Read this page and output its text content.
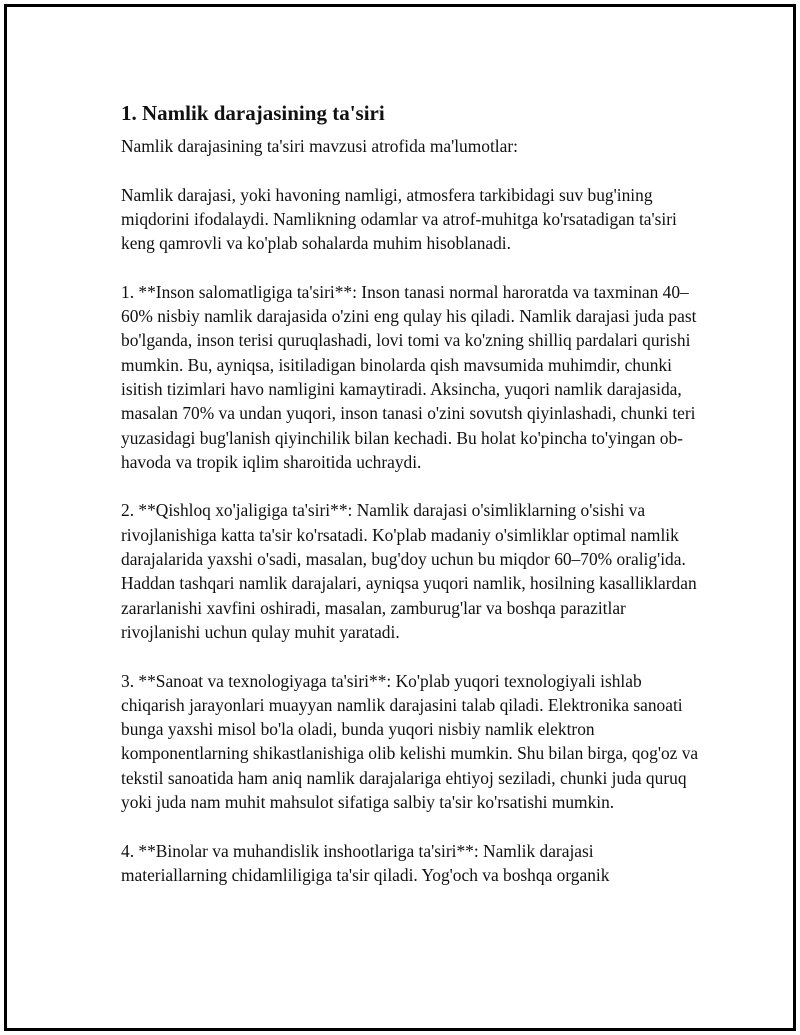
1. Namlik darajasining ta'siri

Namlik darajasining ta'siri mavzusi atrofida ma'lumotlar:

Namlik darajasi, yoki havoning namligi, atmosfera tarkibidagi suv bug'ining miqdorini ifodalaydi. Namlikning odamlar va atrof-muhitga ko'rsatadigan ta'siri keng qamrovli va ko'plab sohalarda muhim hisoblanadi.

1. **Inson salomatligiga ta'siri**: Inson tanasi normal haroratda va taxminan 40–60% nisbiy namlik darajasida o'zini eng qulay his qiladi. Namlik darajasi juda past bo'lganda, inson terisi quruqlashadi, lovi tomi va ko'zning shilliq pardalari qurishi mumkin. Bu, ayniqsa, isitiladigan binolarda qish mavsumida muhimdir, chunki isitish tizimlari havo namligini kamaytiradi. Aksincha, yuqori namlik darajasida, masalan 70% va undan yuqori, inson tanasi o'zini sovutsh qiyinlashadi, chunki teri yuzasidagi bug'lanish qiyinchilik bilan kechadi. Bu holat ko'pincha to'yingan ob-havoda va tropik iqlim sharoitida uchraydi.

2. **Qishloq xo'jaligiga ta'siri**: Namlik darajasi o'simliklarning o'sishi va rivojlanishiga katta ta'sir ko'rsatadi. Ko'plab madaniy o'simliklar optimal namlik darajalarida yaxshi o'sadi, masalan, bug'doy uchun bu miqdor 60–70% oralig'ida. Haddan tashqari namlik darajalari, ayniqsa yuqori namlik, hosilning kasalliklardan zararlanishi xavfini oshiradi, masalan, zamburug'lar va boshqa parazitlar rivojlanishi uchun qulay muhit yaratadi.

3. **Sanoat va texnologiyaga ta'siri**: Ko'plab yuqori texnologiyali ishlab chiqarish jarayonlari muayyan namlik darajasini talab qiladi. Elektronika sanoati bunga yaxshi misol bo'la oladi, bunda yuqori nisbiy namlik elektron komponentlarning shikastlanishiga olib kelishi mumkin. Shu bilan birga, qog'oz va tekstil sanoatida ham aniq namlik darajalariga ehtiyoj seziladi, chunki juda quruq yoki juda nam muhit mahsulot sifatiga salbiy ta'sir ko'rsatishi mumkin.

4. **Binolar va muhandislik inshootlariga ta'siri**: Namlik darajasi materiallarning chidamliligiga ta'sir qiladi. Yog'och va boshqa organik
